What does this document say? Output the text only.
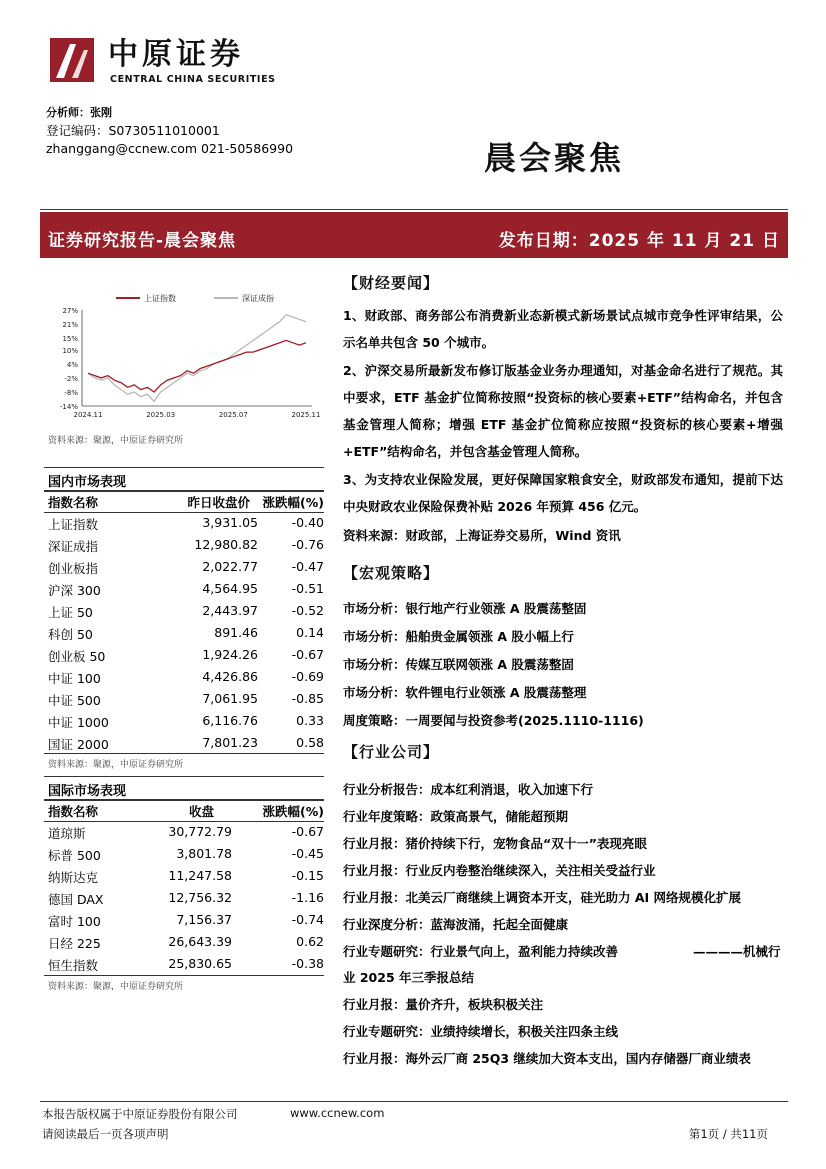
中原证券
CENTRAL CHINA SECURITIES
分析师：张刚
登记编码：S0730511010001
zhanggang@ccnew.com 021-50586990	晨会聚焦
证券研究报告-晨会聚焦	发布日期：2025 年 11 月 21 日
27%
21%
15%
10%
4%
-2%
-8%
-14%
2024.11	2025.03	2025.07	2025.11
上证指数	深证成指
资料来源：聚源，中原证券研究所
国内市场表现
指数名称	昨日收盘价 涨跌幅(%)
上证指数	3,931.05	-0.40
深证成指	12,980.82	-0.76
创业板指	2,022.77	-0.47
沪深 300	4,564.95	-0.51
上证 50	2,443.97	-0.52
科创 50	891.46	0.14
创业板 50	1,924.26	-0.67
中证 100	4,426.86	-0.69
中证 500	7,061.95	-0.85
中证 1000	6,116.76	0.33
国证 2000	7,801.23	0.58
资料来源：聚源，中原证券研究所
国际市场表现
指数名称	收盘	涨跌幅(%)
道琼斯	30,772.79	-0.67
标普 500	3,801.78	-0.45
纳斯达克	11,247.58	-0.15
德国 DAX	12,756.32	-1.16
富时 100	7,156.37	-0.74
日经 225	26,643.39	0.62
恒生指数	25,830.65	-0.38
资料来源：聚源，中原证券研究所
【财经要闻】
1、财政部、商务部公布消费新业态新模式新场景试点城市竞争性评审结果，公示名单共包含 50 个城市。
2、沪深交易所最新发布修订版基金业务办理通知，对基金命名进行了规范。其中要求，ETF 基金扩位简称按照“投资标的核心要素+ETF”结构命名，并包含基金管理人简称；增强 ETF 基金扩位简称应按照“投资标的核心要素+增强+ETF”结构命名，并包含基金管理人简称。
3、为支持农业保险发展，更好保障国家粮食安全，财政部发布通知，提前下达中央财政农业保险保费补贴 2026 年预算 456 亿元。
资料来源：财政部，上海证券交易所，Wind 资讯
【宏观策略】
市场分析：银行地产行业领涨 A 股震荡整固
市场分析：船舶贵金属领涨 A 股小幅上行
市场分析：传媒互联网领涨 A 股震荡整固
市场分析：软件锂电行业领涨 A 股震荡整理
周度策略：一周要闻与投资参考(2025.1110-1116)
【行业公司】
行业分析报告：成本红利消退，收入加速下行
行业年度策略：政策高景气，储能超预期
行业月报：猪价持续下行，宠物食品“双十一”表现亮眼
行业月报：行业反内卷整治继续深入，关注相关受益行业
行业月报：北美云厂商继续上调资本开支，硅光助力 AI 网络规模化扩展
行业深度分析：蓝海波涌，托起全面健康
行业专题研究：行业景气向上，盈利能力持续改善
行业月报：量价齐升，板块积极关注
行业专题研究：业绩持续增长，积极关注四条主线
行业月报：海外云厂商 25Q3 继续加大资本支出，国内存储器厂商业绩表
————机械行
业 2025 年三季报总结
本报告版权属于中原证券股份有限公司	www.ccnew.com
请阅读最后一页各项声明	第1页 / 共11页
